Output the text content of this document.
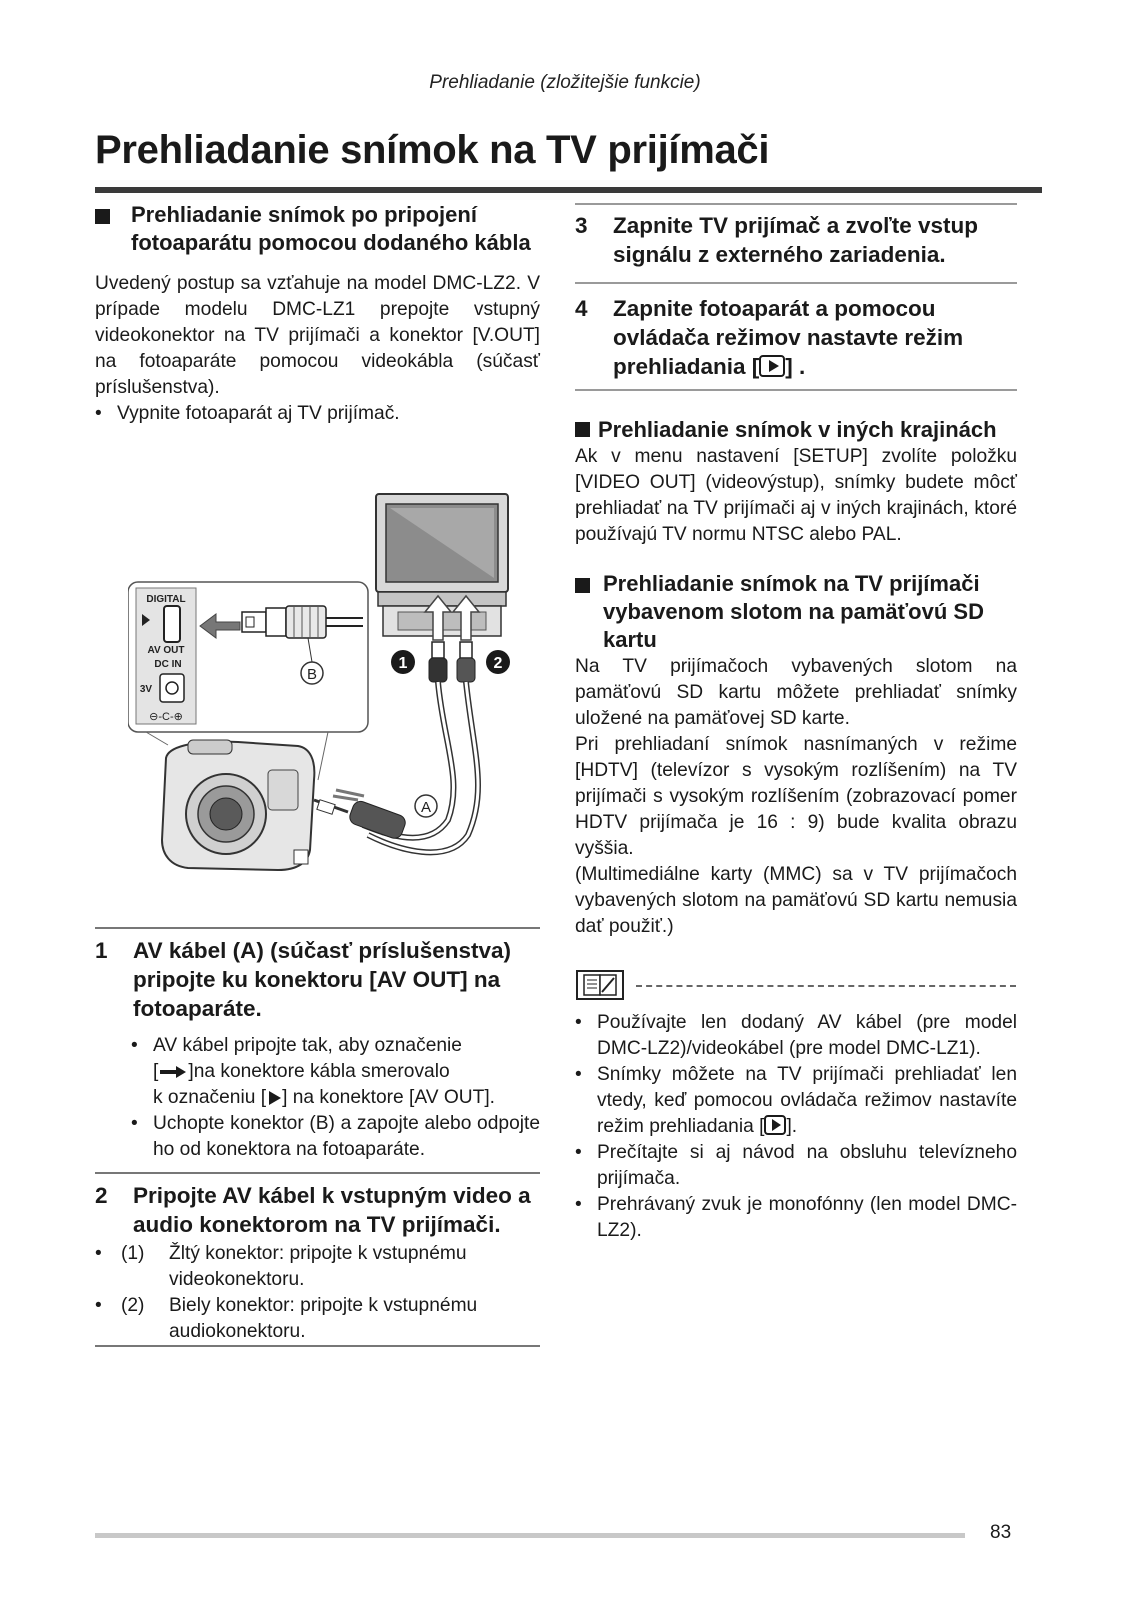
Prehliadanie (zložitejšie funkcie)
Prehliadanie snímok na TV prijímači
Prehliadanie snímok po pripojení fotoaparátu pomocou dodaného kábla
Uvedený postup sa vzťahuje na model DMC-LZ2. V prípade modelu DMC-LZ1 prepojte vstupný videokonektor na TV prijímači a konektor [V.OUT] na fotoaparáte pomocou videokábla (súčasť príslušenstva).
• Vypnite fotoaparát aj TV prijímač.
1	2
A
DIGITAL
AV OUT
DC IN
3V
⊖-C-⊕
B
1 AV kábel (A) (súčasť príslušenstva) pripojte ku konektoru [AV OUT] na fotoaparáte.
• AV kábel pripojte tak, aby označenie
[ ]na konektore kábla smerovalo
k označeniu [ ] na konektore [AV OUT].
• Uchopte konektor (B) a zapojte alebo odpojte ho od konektora na fotoaparáte.
2 Pripojte AV kábel k vstupným video a audio konektorom na TV prijímači.
• (1) Žltý konektor: pripojte k vstupnému videokonektoru.
• (2) Biely konektor: pripojte k vstupnému audiokonektoru.
3 Zapnite TV prijímač a zvoľte vstup signálu z externého zariadenia.
4 Zapnite fotoaparát a pomocou ovládača režimov nastavte režim prehliadania [ ] .
Prehliadanie snímok v iných krajinách
Ak v menu nastavení [SETUP] zvolíte položku [VIDEO OUT] (videovýstup), snímky budete môcť prehliadať na TV prijímači aj v iných krajinách, ktoré používajú TV normu NTSC alebo PAL.
Prehliadanie snímok na TV prijímači vybavenom slotom na pamäťovú SD kartu
Na TV prijímačoch vybavených slotom na pamäťovú SD kartu môžete prehliadať snímky uložené na pamäťovej SD karte.
Pri prehliadaní snímok nasnímaných v režime [HDTV] (televízor s vysokým rozlíšením) na TV prijímači s vysokým rozlíšením (zobrazovací pomer HDTV prijímača je 16 : 9) bude kvalita obrazu vyššia.
(Multimediálne karty (MMC) sa v TV prijímačoch vybavených slotom na pamäťovú SD kartu nemusia dať použiť.)
• Používajte len dodaný AV kábel (pre model DMC-LZ2)/videokábel (pre model DMC-LZ1).
• Snímky môžete na TV prijímači prehliadať len vtedy, keď pomocou ovládača režimov nastavíte režim prehliadania [ ].
• Prečítajte si aj návod na obsluhu televízneho prijímača.
• Prehrávaný zvuk je monofónny (len model DMC-LZ2).
83
